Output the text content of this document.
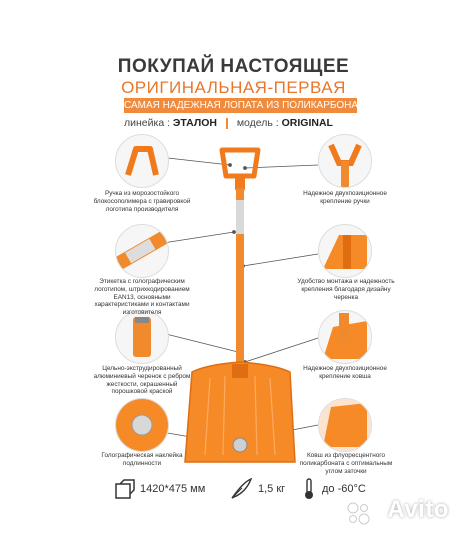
ПОКУПАЙ НАСТОЯЩЕЕ
ОРИГИНАЛЬНАЯ-ПЕРВАЯ
САМАЯ НАДЕЖНАЯ ЛОПАТА ИЗ ПОЛИКАРБОНАТА
линейка : ЭТАЛОН модель : ORIGINAL
Ручка из морозостойкого блокосополимера с гравировкой логотипа производителя
Этикетка с голографическим логотипом, штрихкодированием EAN13, основными характеристиками и контактами изготовителя
Цельно-экструдированный алюминиевый черенок с ребром жесткости, окрашенный порошковой краской
Голографическая наклейка подлинности
Надежное двухпозиционное крепление ручки
Удобство монтажа и надежность крепления благодаря дизайну черенка
Надежное двухпозиционное крепление ковша
Ковш из флуоресцентного поликарбоната с оптимальным углом заточки
1420*475 мм	1,5 кг	до -60°С
Avito
